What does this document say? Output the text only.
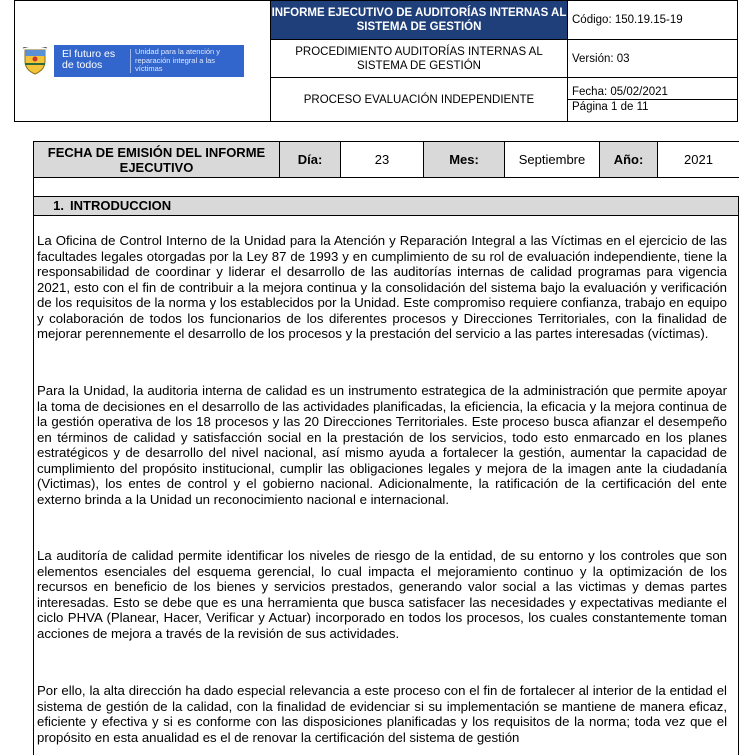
El futuro es de todos
Unidad para la atención y reparación integral a las víctimas	INFORME EJECUTIVO DE AUDITORÍAS INTERNAS AL SISTEMA DE GESTIÓN	Código: 150.19.15-19
	PROCEDIMIENTO AUDITORÍAS INTERNAS AL SISTEMA DE GESTIÓN	Versión: 03
	PROCESO EVALUACIÓN INDEPENDIENTE	Fecha: 05/02/2021
Página 1 de 11
FECHA DE EMISIÓN DEL INFORME EJECUTIVO	Día:	23	Mes:	Septiembre	Año:	2021

1. INTRODUCCION

La Oficina de Control Interno de la Unidad para la Atención y Reparación Integral a las Víctimas en el ejercicio de las facultades legales otorgadas por la Ley 87 de 1993 y en cumplimiento de su rol de evaluación independiente, tiene la responsabilidad de coordinar y liderar el desarrollo de las auditorías internas de calidad programas para vigencia 2021, esto con el fin de contribuir a la mejora continua y la consolidación del sistema bajo la evaluación y verificación de los requisitos de la norma y los establecidos por la Unidad. Este compromiso requiere confianza, trabajo en equipo y colaboración de todos los funcionarios de los diferentes procesos y Direcciones Territoriales, con la finalidad de mejorar perennemente el desarrollo de los procesos y la prestación del servicio a las partes interesadas (víctimas).

Para la Unidad, la auditoria interna de calidad es un instrumento estrategica de la administración que permite apoyar la toma de decisiones en el desarrollo de las actividades planificadas, la eficiencia, la eficacia y la mejora continua de la gestión operativa de los 18 procesos y las 20 Direcciones Territoriales. Este proceso busca afianzar el desempeño en términos de calidad y satisfacción social en la prestación de los servicios, todo esto enmarcado en los planes estratégicos y de desarrollo del nivel nacional, así mismo ayuda a fortalecer la gestión, aumentar la capacidad de cumplimiento del propósito institucional, cumplir las obligaciones legales y mejora de la imagen ante la ciudadanía (Victimas), los entes de control y el gobierno nacional. Adicionalmente, la ratificación de la certificación del ente externo brinda a la Unidad un reconocimiento nacional e internacional.

La auditoría de calidad permite identificar los niveles de riesgo de la entidad, de su entorno y los controles que son elementos esenciales del esquema gerencial, lo cual impacta el mejoramiento continuo y la optimización de los recursos en beneficio de los bienes y servicios prestados, generando valor social a las victimas y demas partes interesadas. Esto se debe que es una herramienta que busca satisfacer las necesidades y expectativas mediante el ciclo PHVA (Planear, Hacer, Verificar y Actuar) incorporado en todos los procesos, los cuales constantemente toman acciones de mejora a través de la revisión de sus actividades.

Por ello, la alta dirección ha dado especial relevancia a este proceso con el fin de fortalecer al interior de la entidad el sistema de gestión de la calidad, con la finalidad de evidenciar si su implementación se mantiene de manera eficaz, eficiente y efectiva y si es conforme con las disposiciones planificadas y los requisitos de la norma; toda vez que el propósito en esta anualidad es el de renovar la certificación del sistema de gestión
